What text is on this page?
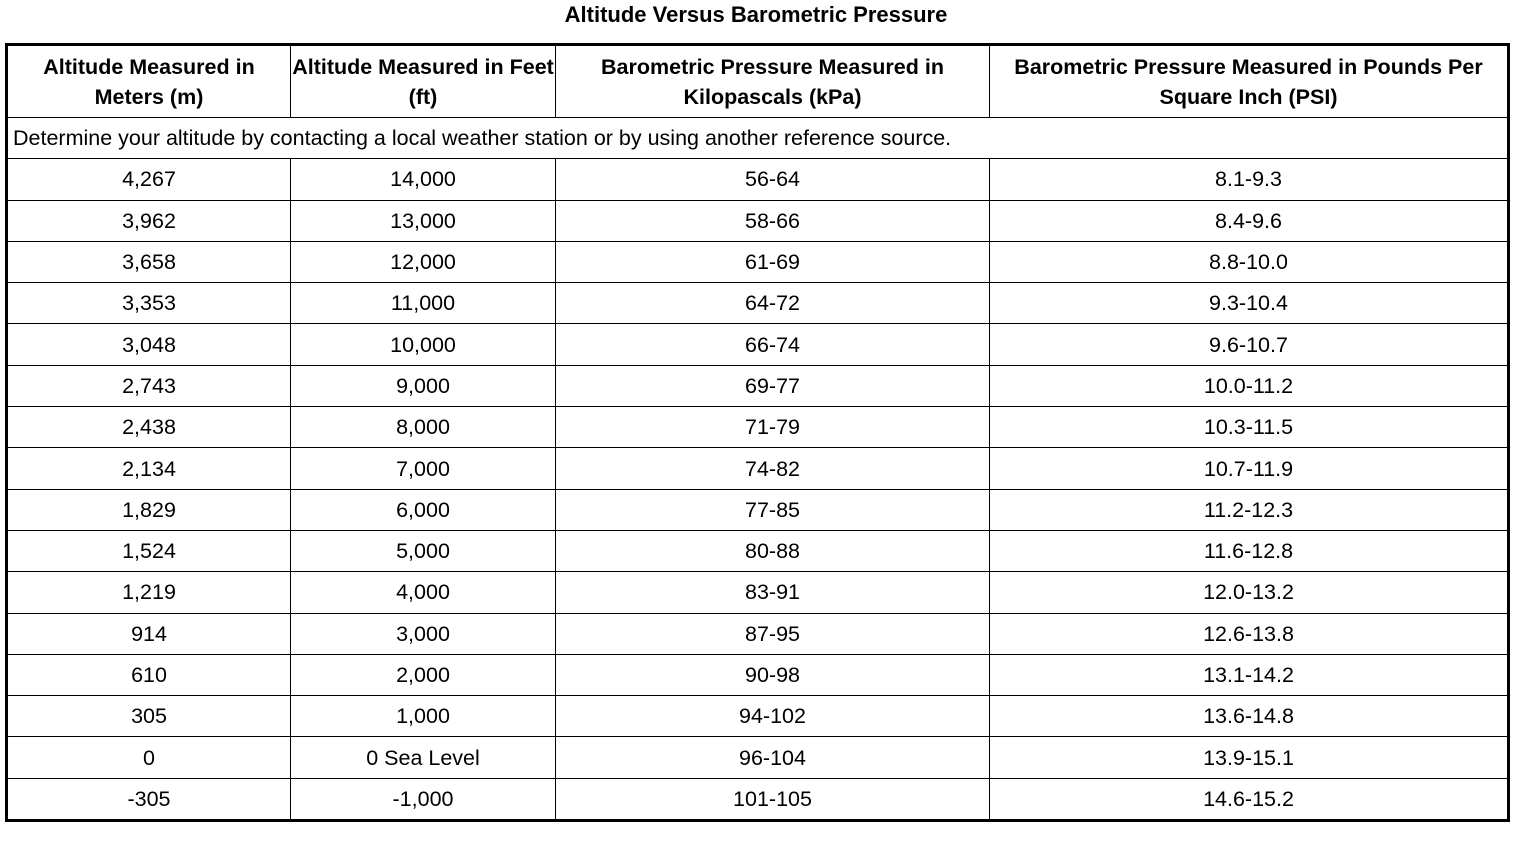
Altitude Versus Barometric Pressure
Altitude Measured in Meters (m)	Altitude Measured in Feet (ft)	Barometric Pressure Measured in Kilopascals (kPa)	Barometric Pressure Measured in Pounds Per Square Inch (PSI)
Determine your altitude by contacting a local weather station or by using another reference source.			
4,267	14,000	56-64	8.1-9.3
3,962	13,000	58-66	8.4-9.6
3,658	12,000	61-69	8.8-10.0
3,353	11,000	64-72	9.3-10.4
3,048	10,000	66-74	9.6-10.7
2,743	9,000	69-77	10.0-11.2
2,438	8,000	71-79	10.3-11.5
2,134	7,000	74-82	10.7-11.9
1,829	6,000	77-85	11.2-12.3
1,524	5,000	80-88	11.6-12.8
1,219	4,000	83-91	12.0-13.2
914	3,000	87-95	12.6-13.8
610	2,000	90-98	13.1-14.2
305	1,000	94-102	13.6-14.8
0	0 Sea Level	96-104	13.9-15.1
-305	-1,000	101-105	14.6-15.2
